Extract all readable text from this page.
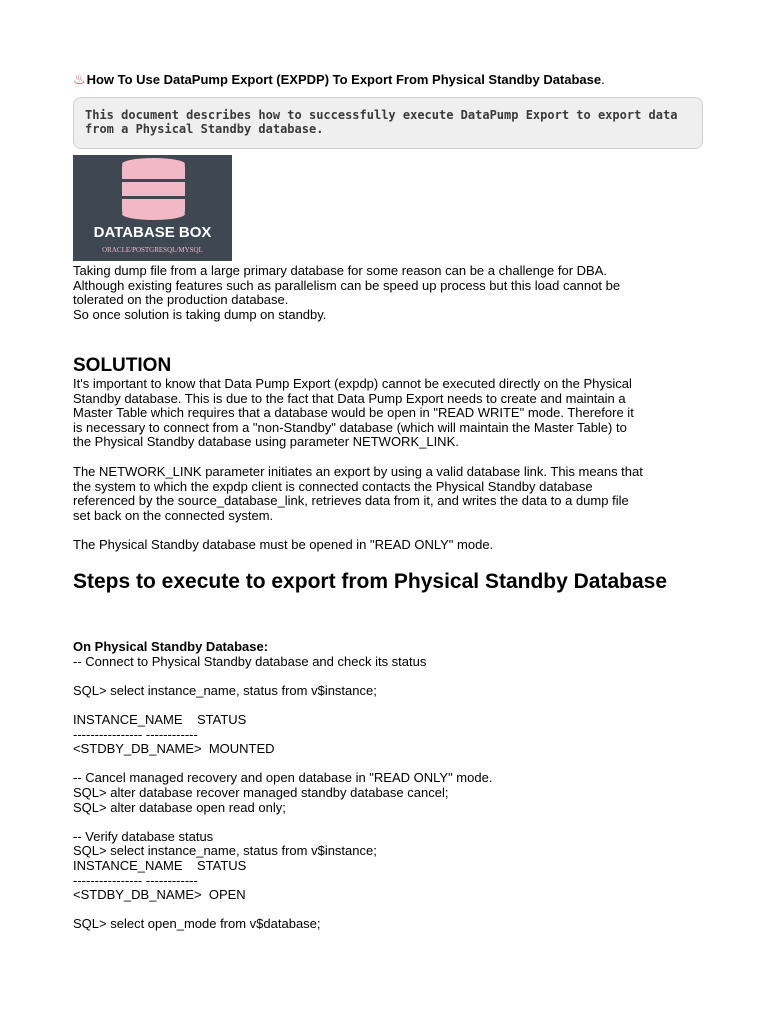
♨How To Use DataPump Export (EXPDP) To Export From Physical Standby Database.
This document describes how to successfully execute DataPump Export to export data from a Physical Standby database.
DATABASE BOX
ORACLE/POSTGRESQL/MYSQL
Taking dump file from a large primary database for some reason can be a challenge for DBA.
Although existing features such as parallelism can be speed up process but this load cannot be
tolerated on the production database.
So once solution is taking dump on standby.
SOLUTION
It's important to know that Data Pump Export (expdp) cannot be executed directly on the Physical
Standby database. This is due to the fact that Data Pump Export needs to create and maintain a
Master Table which requires that a database would be open in "READ WRITE" mode. Therefore it
is necessary to connect from a "non-Standby" database (which will maintain the Master Table) to
the Physical Standby database using parameter NETWORK_LINK.
The NETWORK_LINK parameter initiates an export by using a valid database link. This means that
the system to which the expdp client is connected contacts the Physical Standby database
referenced by the source_database_link, retrieves data from it, and writes the data to a dump file
set back on the connected system.
The Physical Standby database must be opened in "READ ONLY" mode.
Steps to execute to export from Physical Standby Database
On Physical Standby Database:
-- Connect to Physical Standby database and check its status

SQL> select instance_name, status from v$instance;

INSTANCE_NAME    STATUS
---------------- ------------
<STDBY_DB_NAME>  MOUNTED

-- Cancel managed recovery and open database in "READ ONLY" mode.
SQL> alter database recover managed standby database cancel;
SQL> alter database open read only;

-- Verify database status
SQL> select instance_name, status from v$instance;
INSTANCE_NAME    STATUS
---------------- ------------
<STDBY_DB_NAME>  OPEN

SQL> select open_mode from v$database;
